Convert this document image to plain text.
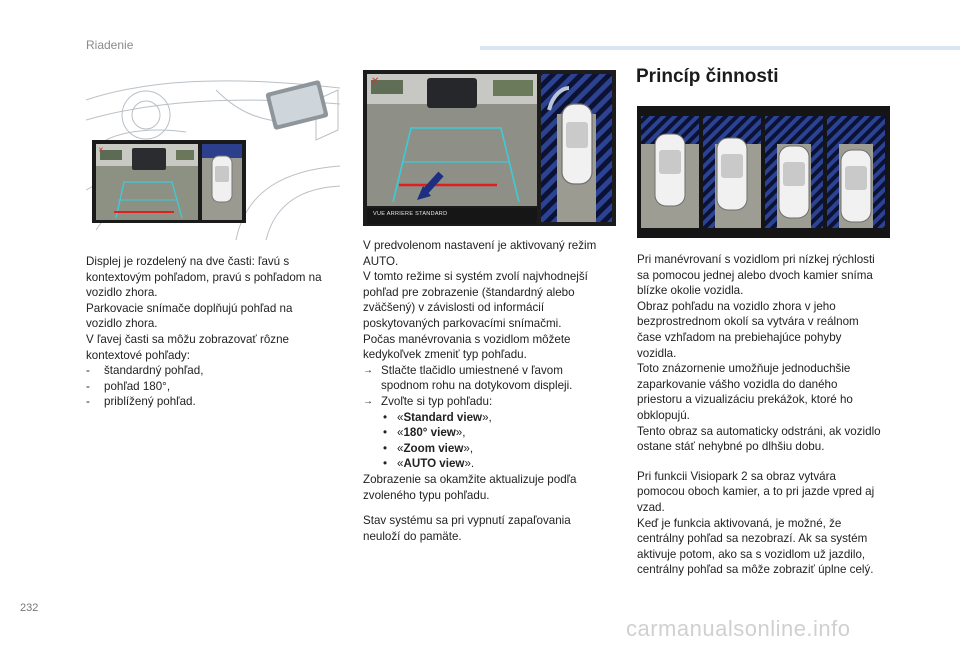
Riadenie
✕
✕
VUE ARRIERE STANDARD

Displej je rozdelený na dve časti: ľavú s

kontextovým pohľadom, pravú s pohľadom na

vozidlo zhora.

Parkovacie snímače doplňujú pohľad na

vozidlo zhora.

V ľavej časti sa môžu zobrazovať rôzne

kontextové pohľady:

- štandardný pohľad,
- pohľad 180°,
- priblížený pohľad.

V predvolenom nastavení je aktivovaný režim

AUTO.

V tomto režime si systém zvolí najvhodnejší

pohľad pre zobrazenie (štandardný alebo

zväčšený) v závislosti od informácií

poskytovaných parkovacími snímačmi.

Počas manévrovania s vozidlom môžete

kedykoľvek zmeniť typ pohľadu.

→ Stlačte tlačidlo umiestnené v ľavom
spodnom rohu na dotykovom displeji.
→ Zvoľte si typ pohľadu:
• «Standard view»,
• «180° view»,
• «Zoom view»,
• «AUTO view».

Zobrazenie sa okamžite aktualizuje podľa

zvoleného typu pohľadu.

Stav systému sa pri vypnutí zapaľovania

neuloží do pamäte.

Princíp činnosti

Pri manévrovaní s vozidlom pri nízkej rýchlosti

sa pomocou jednej alebo dvoch kamier sníma

blízke okolie vozidla.

Obraz pohľadu na vozidlo zhora v jeho

bezprostrednom okolí sa vytvára v reálnom

čase vzhľadom na prebiehajúce pohyby

vozidla.

Toto znázornenie umožňuje jednoduchšie

zaparkovanie vášho vozidla do daného

priestoru a vizualizáciu prekážok, ktoré ho

obklopujú.

Tento obraz sa automaticky odstráni, ak vozidlo

ostane stáť nehybné po dlhšiu dobu.

Pri funkcii Visiopark 2 sa obraz vytvára

pomocou oboch kamier, a to pri jazde vpred aj

vzad.

Keď je funkcia aktivovaná, je možné, že

centrálny pohľad sa nezobrazí. Ak sa systém

aktivuje potom, ako sa s vozidlom už jazdilo,

centrálny pohľad sa môže zobraziť úplne celý.

232
carmanualsonline.info
